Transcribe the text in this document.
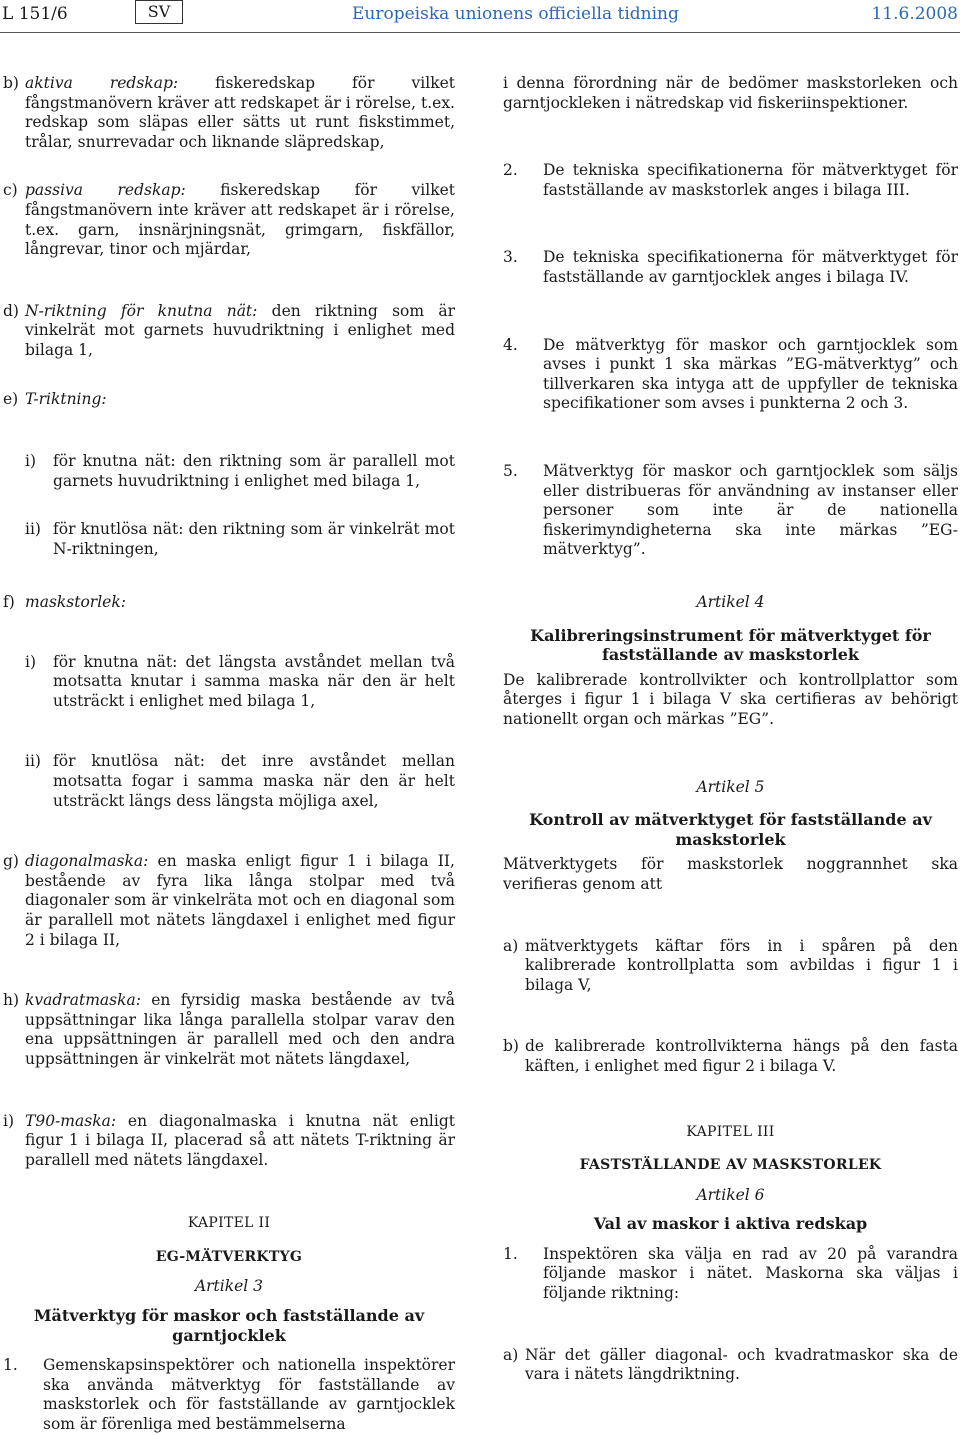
L 151/6	SV	Europeiska unionens officiella tidning	11.6.2008
b) aktiva redskap: fiskeredskap för vilket fångstmanövern kräver att redskapet är i rörelse, t.ex. redskap som släpas eller sätts ut runt fiskstimmet, trålar, snurrevadar och liknande släpredskap,
c) passiva redskap: fiskeredskap för vilket fångstmanövern inte kräver att redskapet är i rörelse, t.ex. garn, insnärjningsnät, grimgarn, fiskfällor, långrevar, tinor och mjärdar,
d) N-riktning för knutna nät: den riktning som är vinkelrät mot garnets huvudriktning i enlighet med bilaga 1,
e) T-riktning:
i)	för knutna nät: den riktning som är parallell mot garnets huvudriktning i enlighet med bilaga 1,
ii) för knutlösa nät: den riktning som är vinkelrät mot N-riktningen,

i denna förordning när de bedömer maskstorleken och garntjockleken i nätredskap vid fiskeriinspektioner.

2.	De tekniska specifikationerna för mätverktyget för fastställande av maskstorlek anges i bilaga III.
3.	De tekniska specifikationerna för mätverktyget för fastställande av garntjocklek anges i bilaga IV.
4.	De mätverktyg för maskor och garntjocklek som avses i punkt 1 ska märkas ”EG-mätverktyg” och tillverkaren ska intyga att de uppfyller de tekniska specifikationer som avses i punkterna 2 och 3.
5.	Mätverktyg för maskor och garntjocklek som säljs eller distribueras för användning av instanser eller personer som inte är de nationella fiskerimyndigheterna ska inte märkas ”EG-mätverktyg”.
f) maskstorlek:
i)	för knutna nät: det längsta avståndet mellan två motsatta knutar i samma maska när den är helt utsträckt i enlighet med bilaga 1,
ii) för knutlösa nät: det inre avståndet mellan motsatta fogar i samma maska när den är helt utsträckt längs dess längsta möjliga axel,
g) diagonalmaska: en maska enligt figur 1 i bilaga II, bestående av fyra lika långa stolpar med två diagonaler som är vinkelräta mot och en diagonal som är parallell mot nätets längdaxel i enlighet med figur 2 i bilaga II,
h) kvadratmaska: en fyrsidig maska bestående av två uppsättningar lika långa parallella stolpar varav den ena uppsättningen är parallell med och den andra uppsättningen är vinkelrät mot nätets längdaxel,
i) T90-maska: en diagonalmaska i knutna nät enligt figur 1 i bilaga II, placerad så att nätets T-riktning är parallell med nätets längdaxel.
KAPITEL II
EG-MÄTVERKTYG
Artikel 3
Mätverktyg för maskor och fastställande av garntjocklek
1.	Gemenskapsinspektörer och nationella inspektörer ska använda mätverktyg för fastställande av maskstorlek och för fastställande av garntjocklek som är förenliga med bestämmelserna
Artikel 4
Kalibreringsinstrument för mätverktyget för fastställande av maskstorlek

De kalibrerade kontrollvikter och kontrollplattor som återges i figur 1 i bilaga V ska certifieras av behörigt nationellt organ och märkas ”EG”.

Artikel 5
Kontroll av mätverktyget för fastställande av maskstorlek

Mätverktygets för maskstorlek noggrannhet ska verifieras genom att

a) mätverktygets käftar förs in i spåren på den kalibrerade kontrollplatta som avbildas i figur 1 i bilaga V,
b) de kalibrerade kontrollvikterna hängs på den fasta käften, i enlighet med figur 2 i bilaga V.
KAPITEL III
FASTSTÄLLANDE AV MASKSTORLEK
Artikel 6
Val av maskor i aktiva redskap
1.	Inspektören ska välja en rad av 20 på varandra följande maskor i nätet. Maskorna ska väljas i följande riktning:
a) När det gäller diagonal- och kvadratmaskor ska de vara i nätets längdriktning.
